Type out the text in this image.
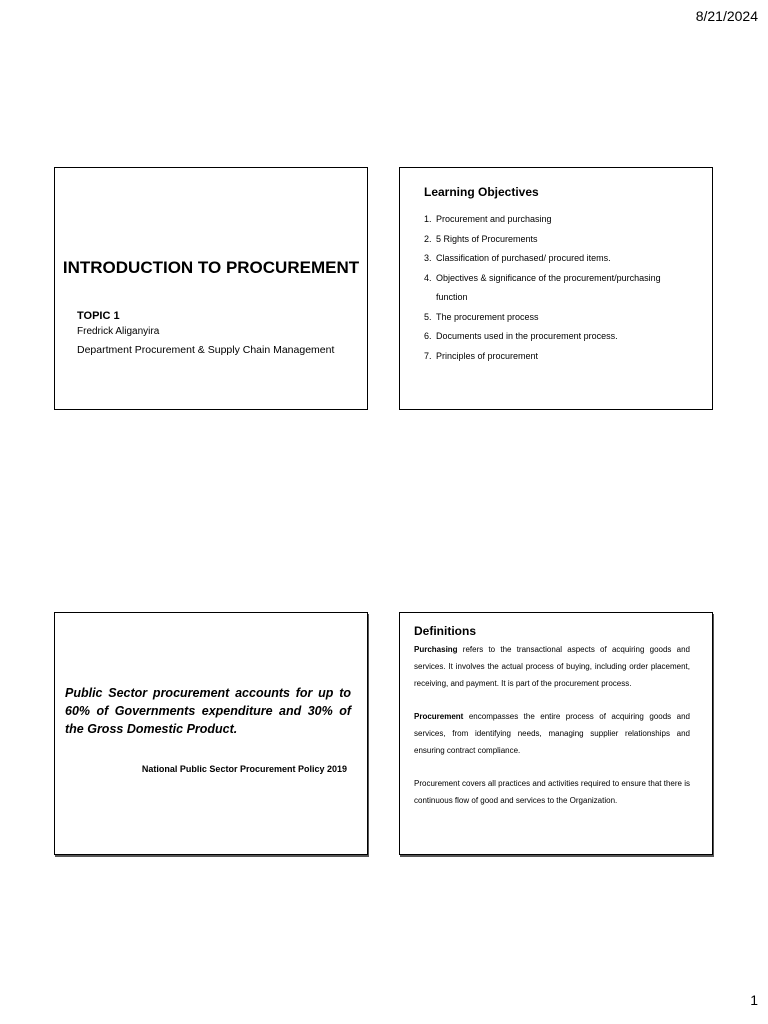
8/21/2024
INTRODUCTION TO PROCUREMENT
TOPIC 1
Fredrick Aliganyira
Department Procurement & Supply Chain Management
Learning Objectives
1. Procurement and purchasing
2. 5 Rights of Procurements
3. Classification of purchased/ procured items.
4. Objectives & significance of the procurement/purchasing function
5. The procurement process
6. Documents used in the procurement process.
7. Principles of procurement
Public Sector procurement accounts for up to 60% of Governments expenditure and 30% of the Gross Domestic Product.
National Public Sector Procurement Policy 2019
Definitions

Purchasing refers to the transactional aspects of acquiring goods and services. It involves the actual process of buying, including order placement, receiving, and payment. It is part of the procurement process.

Procurement encompasses the entire process of acquiring goods and services, from identifying needs, managing supplier relationships and ensuring contract compliance.

Procurement covers all practices and activities required to ensure that there is continuous flow of good and services to the Organization.

1
